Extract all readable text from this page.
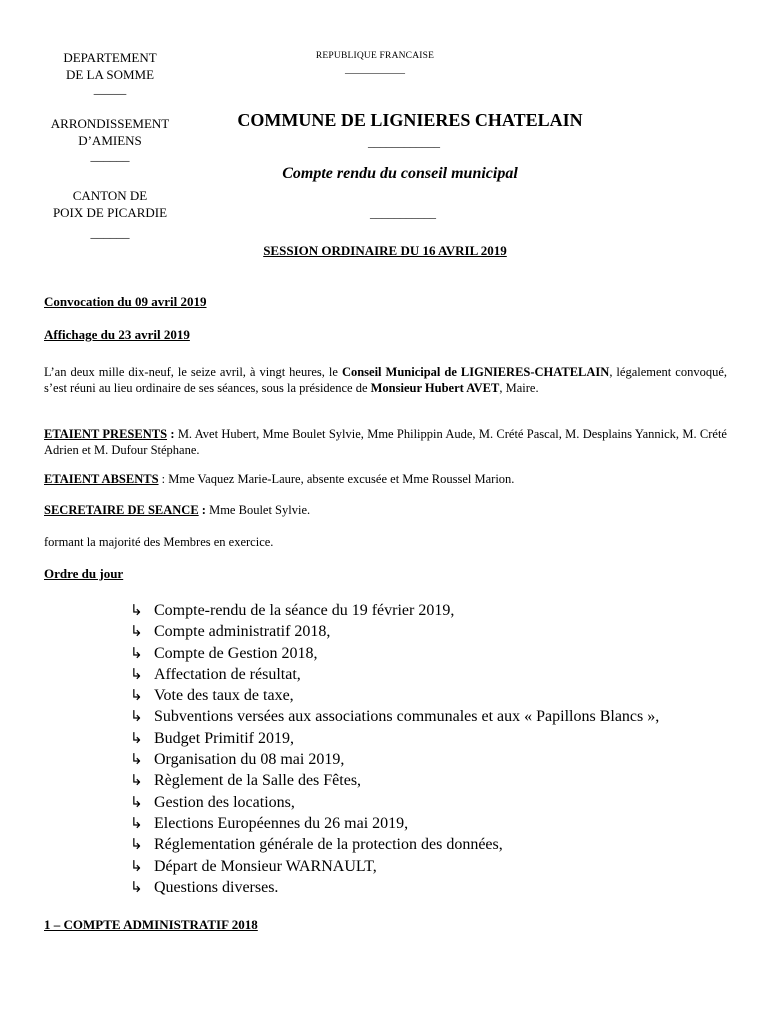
DEPARTEMENT
DE LA SOMME
_____
ARRONDISSEMENT
D’AMIENS
______
CANTON DE
POIX DE PICARDIE
______
REPUBLIQUE FRANCAISE
____________
COMMUNE DE LIGNIERES CHATELAIN
____________
Compte rendu du conseil municipal
___________
SESSION ORDINAIRE DU 16 AVRIL 2019
Convocation du 09 avril 2019
Affichage du 23 avril 2019
L’an deux mille dix-neuf, le seize avril, à vingt heures, le Conseil Municipal de LIGNIERES-CHATELAIN, légalement convoqué, s’est réuni au lieu ordinaire de ses séances, sous la présidence de Monsieur Hubert AVET, Maire.
ETAIENT PRESENTS : M. Avet Hubert, Mme Boulet Sylvie, Mme Philippin Aude, M. Crété Pascal, M. Desplains Yannick, M. Crété Adrien et M. Dufour Stéphane.
ETAIENT ABSENTS : Mme Vaquez Marie-Laure, absente excusée et Mme Roussel Marion.
SECRETAIRE DE SEANCE : Mme Boulet Sylvie.
formant la majorité des Membres en exercice.
Ordre du jour
↳ Compte-rendu de la séance du 19 février 2019,
↳ Compte administratif 2018,
↳ Compte de Gestion 2018,
↳ Affectation de résultat,
↳ Vote des taux de taxe,
↳ Subventions versées aux associations communales et aux « Papillons Blancs »,
↳ Budget Primitif 2019,
↳ Organisation du 08 mai 2019,
↳ Règlement de la Salle des Fêtes,
↳ Gestion des locations,
↳ Elections Européennes du 26 mai 2019,
↳ Réglementation générale de la protection des données,
↳ Départ de Monsieur WARNAULT,
↳ Questions diverses.
1 – COMPTE ADMINISTRATIF 2018
